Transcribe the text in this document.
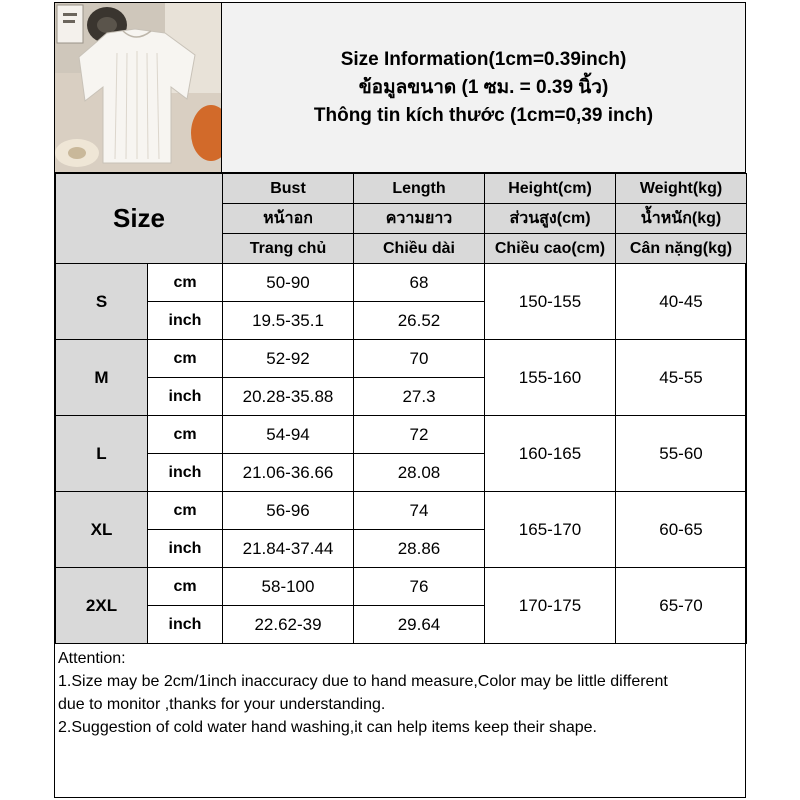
Size Information(1cm=0.39inch)
ข้อมูลขนาด (1 ซม. = 0.39 นิ้ว)
Thông tin kích thước (1cm=0,39 inch)
Size		Bust	Length	Height(cm)	Weight(kg)
		หน้าอก	ความยาว	ส่วนสูง(cm)	น้ำหนัก(kg)
		Trang chủ	Chiều dài	Chiều cao(cm)	Cân nặng(kg)
S	cm	50-90	68	150-155	40-45
	inch	19.5-35.1	26.52		
M	cm	52-92	70	155-160	45-55
	inch	20.28-35.88	27.3		
L	cm	54-94	72	160-165	55-60
	inch	21.06-36.66	28.08		
XL	cm	56-96	74	165-170	60-65
	inch	21.84-37.44	28.86		
2XL	cm	58-100	76	170-175	65-70
	inch	22.62-39	29.64		
Attention:
1.Size may be 2cm/1inch inaccuracy due to hand measure,Color may be little different
due to monitor ,thanks for your understanding.
2.Suggestion of cold water hand washing,it can help items keep their shape.
